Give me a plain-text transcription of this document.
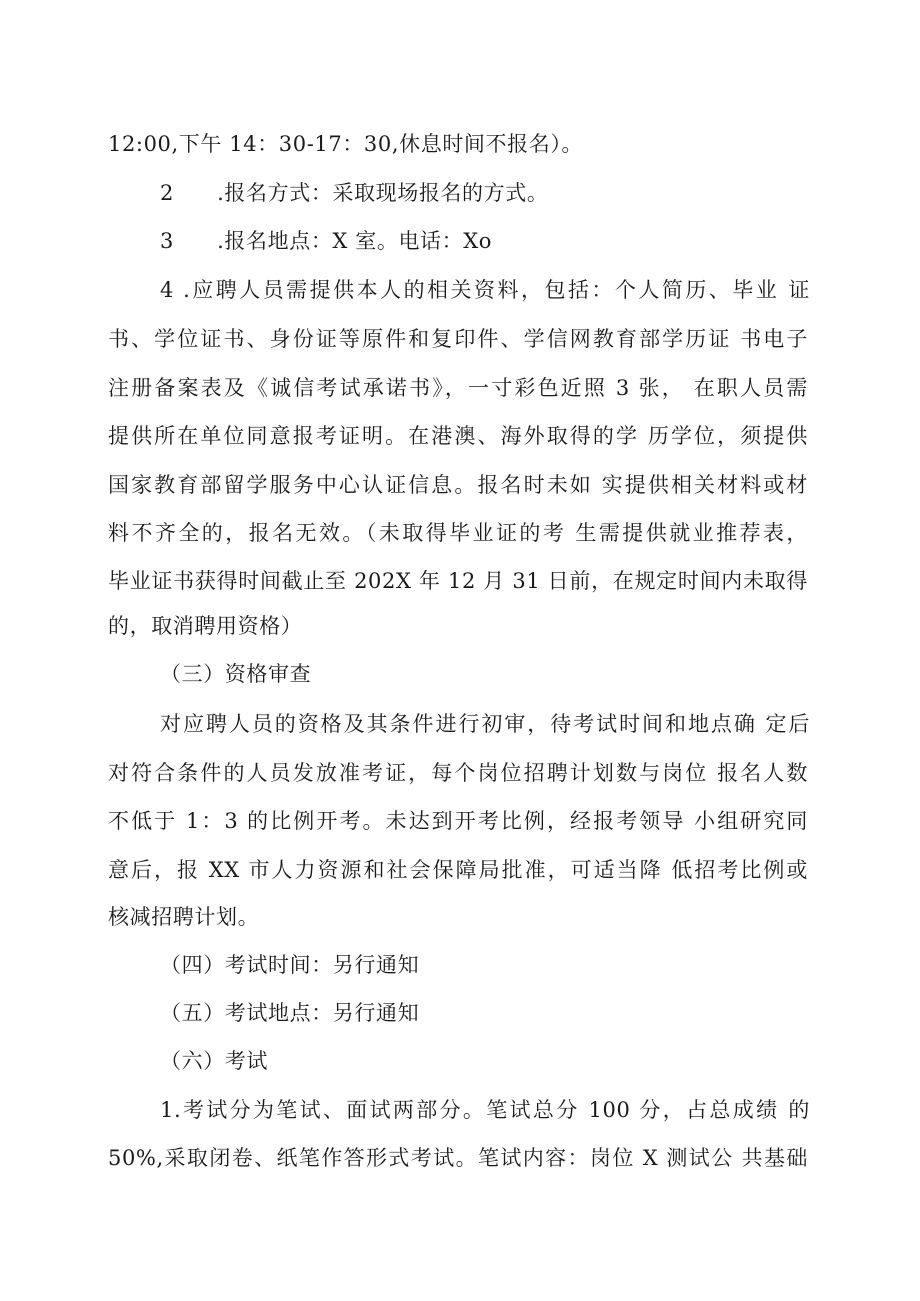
12:00,下午 14：30-17：30,休息时间不报名）。
2　　.报名方式：采取现场报名的方式。
3　　.报名地点：X 室。电话：Xo
4 .应聘人员需提供本人的相关资料，包括：个人简历、毕业 证
书、学位证书、身份证等原件和复印件、学信网教育部学历证 书电子
注册备案表及《诚信考试承诺书》，一寸彩色近照 3 张， 在职人员需
提供所在单位同意报考证明。在港澳、海外取得的学 历学位，须提供
国家教育部留学服务中心认证信息。报名时未如 实提供相关材料或材
料不齐全的，报名无效。（未取得毕业证的考 生需提供就业推荐表，
毕业证书获得时间截止至 202X 年 12 月 31 日前，在规定时间内未取得
的，取消聘用资格）
（三）资格审查
对应聘人员的资格及其条件进行初审，待考试时间和地点确 定后
对符合条件的人员发放准考证，每个岗位招聘计划数与岗位 报名人数
不低于 1：3 的比例开考。未达到开考比例，经报考领导 小组研究同
意后，报 XX 市人力资源和社会保障局批准，可适当降 低招考比例或
核减招聘计划。
（四）考试时间：另行通知
（五）考试地点：另行通知
（六）考试
1.考试分为笔试、面试两部分。笔试总分 100 分，占总成绩 的
50%,采取闭卷、纸笔作答形式考试。笔试内容：岗位 X 测试公 共基础
